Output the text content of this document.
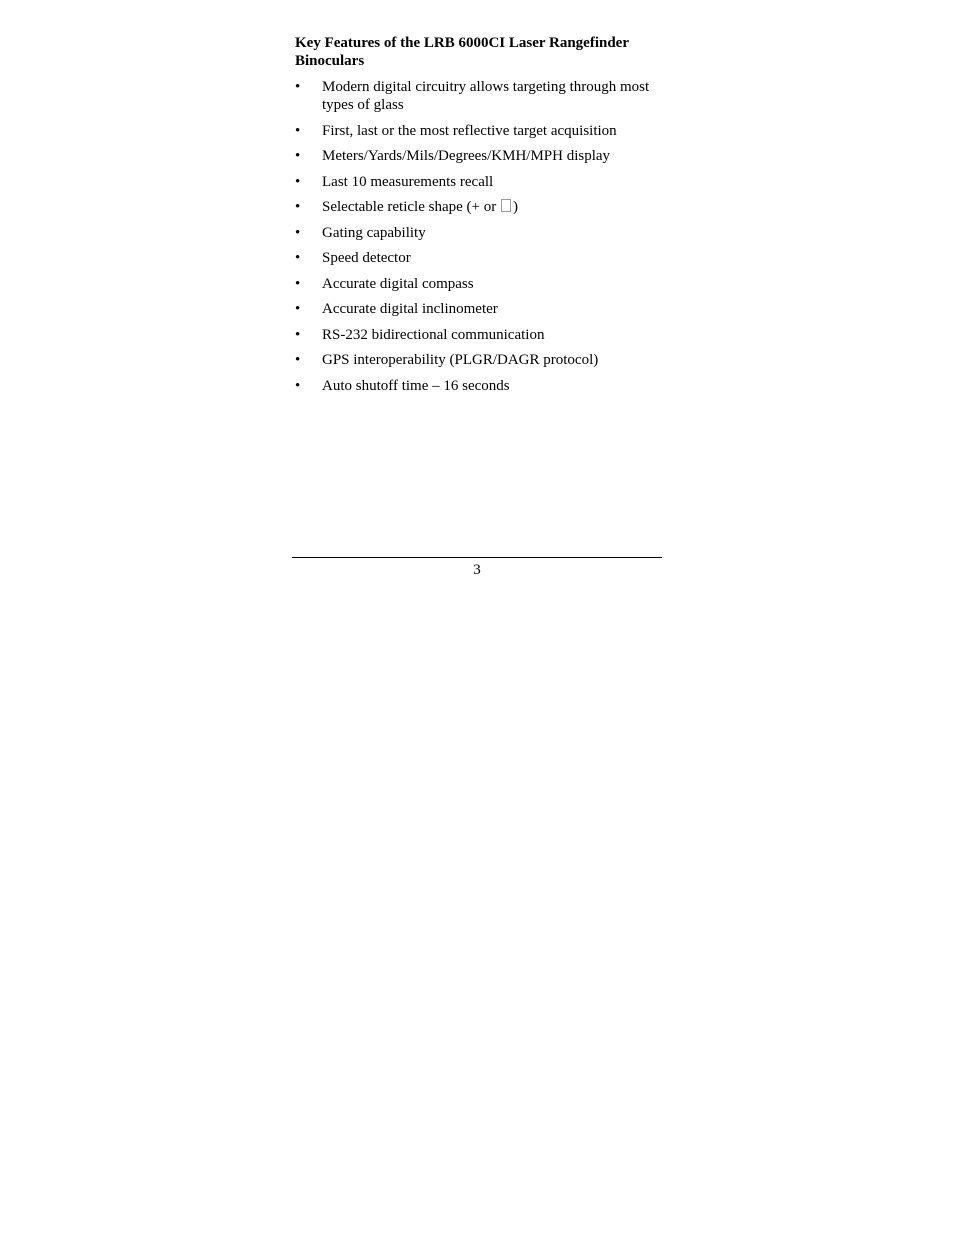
Key Features of the LRB 6000CI Laser Rangefinder Binoculars
•	Modern digital circuitry allows targeting through most types of glass
•	First, last or the most reflective target acquisition
•	Meters/Yards/Mils/Degrees/KMH/MPH display
•	Last 10 measurements recall
•	Selectable reticle shape (+ or )
•	Gating capability
•	Speed detector
•	Accurate digital compass
•	Accurate digital inclinometer
•	RS-232 bidirectional communication
•	GPS interoperability (PLGR/DAGR protocol)
•	Auto shutoff time – 16 seconds
3
